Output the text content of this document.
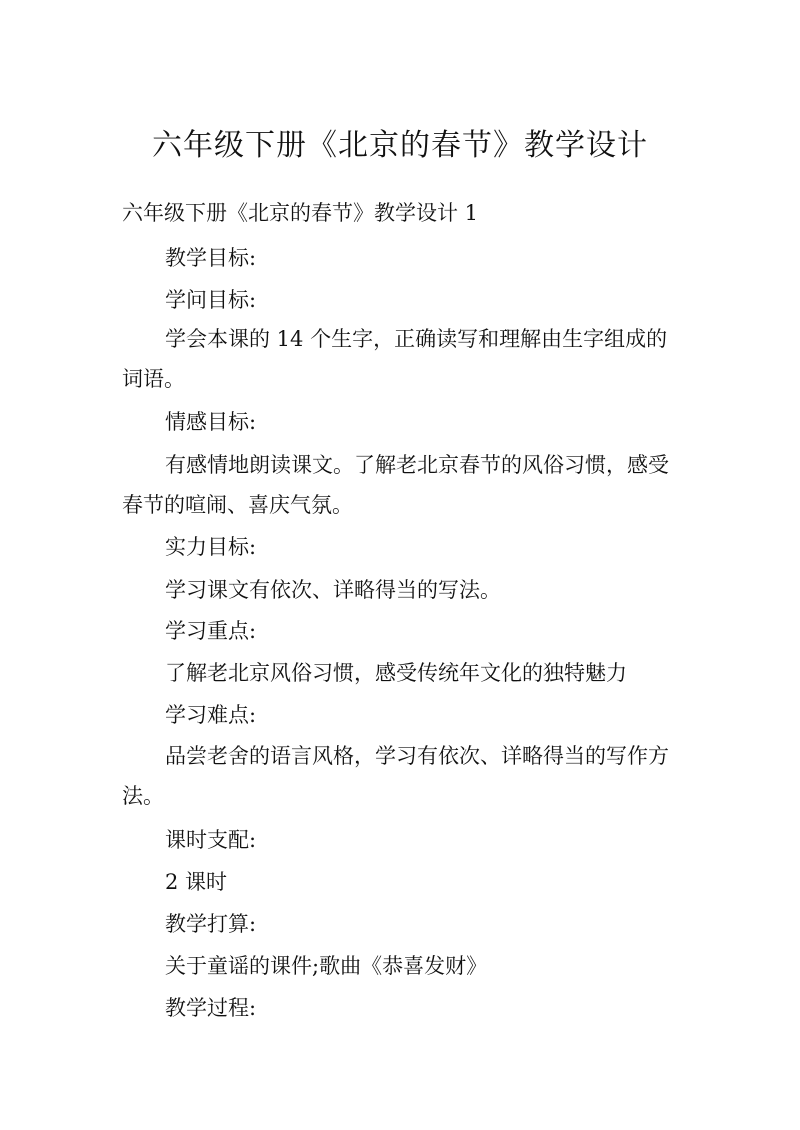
六年级下册《北京的春节》教学设计
六年级下册《北京的春节》教学设计 1
教学目标:
学问目标:
学会本课的 14 个生字，正确读写和理解由生字组成的
词语。
情感目标:
有感情地朗读课文。了解老北京春节的风俗习惯，感受
春节的喧闹、喜庆气氛。
实力目标:
学习课文有依次、详略得当的写法。
学习重点:
了解老北京风俗习惯，感受传统年文化的独特魅力
学习难点:
品尝老舍的语言风格，学习有依次、详略得当的写作方
法。
课时支配:
2 课时
教学打算:
关于童谣的课件;歌曲《恭喜发财》
教学过程:
